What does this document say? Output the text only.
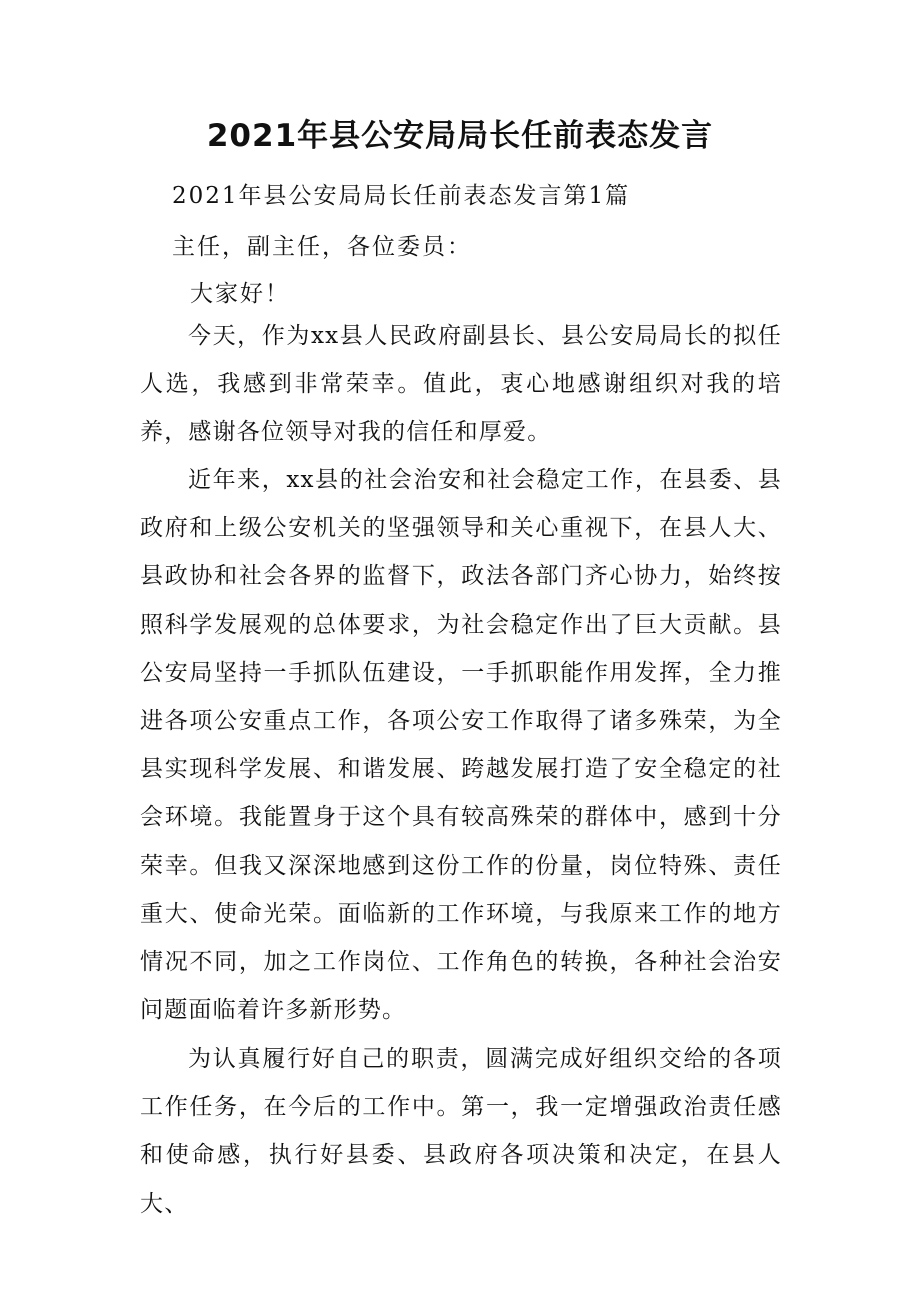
2021年县公安局局长任前表态发言

2021年县公安局局长任前表态发言第1篇

主任，副主任，各位委员：

大家好！

今天，作为xx县人民政府副县长、县公安局局长的拟任人选，我感到非常荣幸。值此，衷心地感谢组织对我的培养，感谢各位领导对我的信任和厚爱。

近年来，xx县的社会治安和社会稳定工作，在县委、县政府和上级公安机关的坚强领导和关心重视下，在县人大、县政协和社会各界的监督下，政法各部门齐心协力，始终按照科学发展观的总体要求，为社会稳定作出了巨大贡献。县公安局坚持一手抓队伍建设，一手抓职能作用发挥，全力推进各项公安重点工作，各项公安工作取得了诸多殊荣，为全县实现科学发展、和谐发展、跨越发展打造了安全稳定的社会环境。我能置身于这个具有较高殊荣的群体中，感到十分荣幸。但我又深深地感到这份工作的份量，岗位特殊、责任重大、使命光荣。面临新的工作环境，与我原来工作的地方情况不同，加之工作岗位、工作角色的转换，各种社会治安问题面临着许多新形势。

为认真履行好自己的职责，圆满完成好组织交给的各项工作任务，在今后的工作中。第一，我一定增强政治责任感和使命感，执行好县委、县政府各项决策和决定，在县人大、
